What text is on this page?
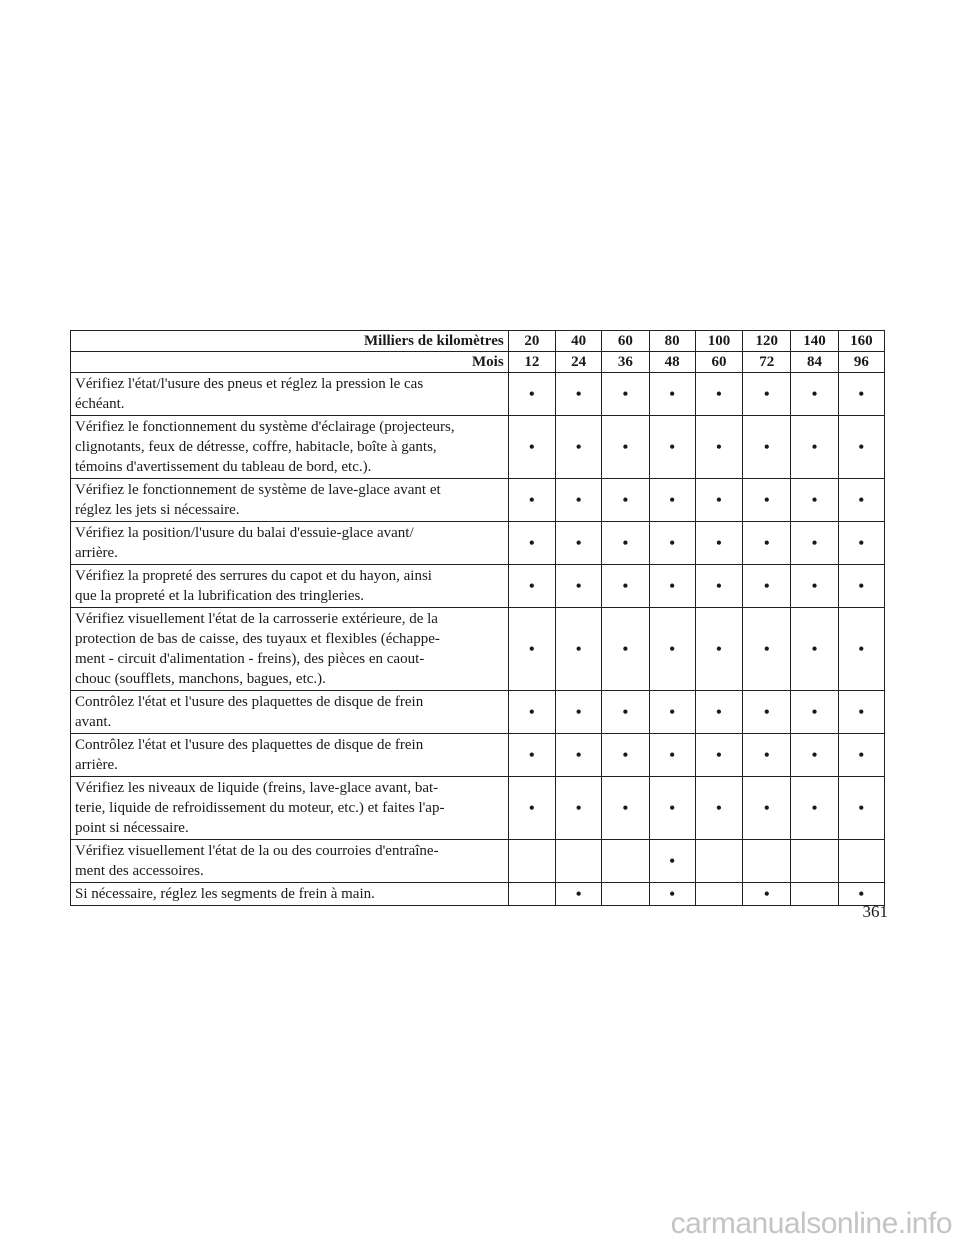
Milliers de kilomètres	20	40	60	80	100	120	140	160
Mois	12	24	36	48	60	72	84	96

Vérifiez l'état/l'usure des pneus et réglez la pression le cas
échéant.	•	•	•	•	•	•	•	•

Vérifiez le fonctionnement du système d'éclairage (projecteurs,
clignotants, feux de détresse, coffre, habitacle, boîte à gants,
témoins d'avertissement du tableau de bord, etc.).	•	•	•	•	•	•	•	•

Vérifiez le fonctionnement de système de lave-glace avant et
réglez les jets si nécessaire.	•	•	•	•	•	•	•	•

Vérifiez la position/l'usure du balai d'essuie-glace avant/
arrière.	•	•	•	•	•	•	•	•

Vérifiez la propreté des serrures du capot et du hayon, ainsi
que la propreté et la lubrification des tringleries.	•	•	•	•	•	•	•	•

Vérifiez visuellement l'état de la carrosserie extérieure, de la
protection de bas de caisse, des tuyaux et flexibles (échappe-
ment - circuit d'alimentation - freins), des pièces en caout-
chouc (soufflets, manchons, bagues, etc.).	•	•	•	•	•	•	•	•

Contrôlez l'état et l'usure des plaquettes de disque de frein
avant.	•	•	•	•	•	•	•	•

Contrôlez l'état et l'usure des plaquettes de disque de frein
arrière.	•	•	•	•	•	•	•	•

Vérifiez les niveaux de liquide (freins, lave-glace avant, bat-
terie, liquide de refroidissement du moteur, etc.) et faites l'ap-
point si nécessaire.	•	•	•	•	•	•	•	•

Vérifiez visuellement l'état de la ou des courroies d'entraîne-
ment des accessoires.				•				

Si nécessaire, réglez les segments de frein à main.		•		•		•		•
361
carmanualsonline.info
